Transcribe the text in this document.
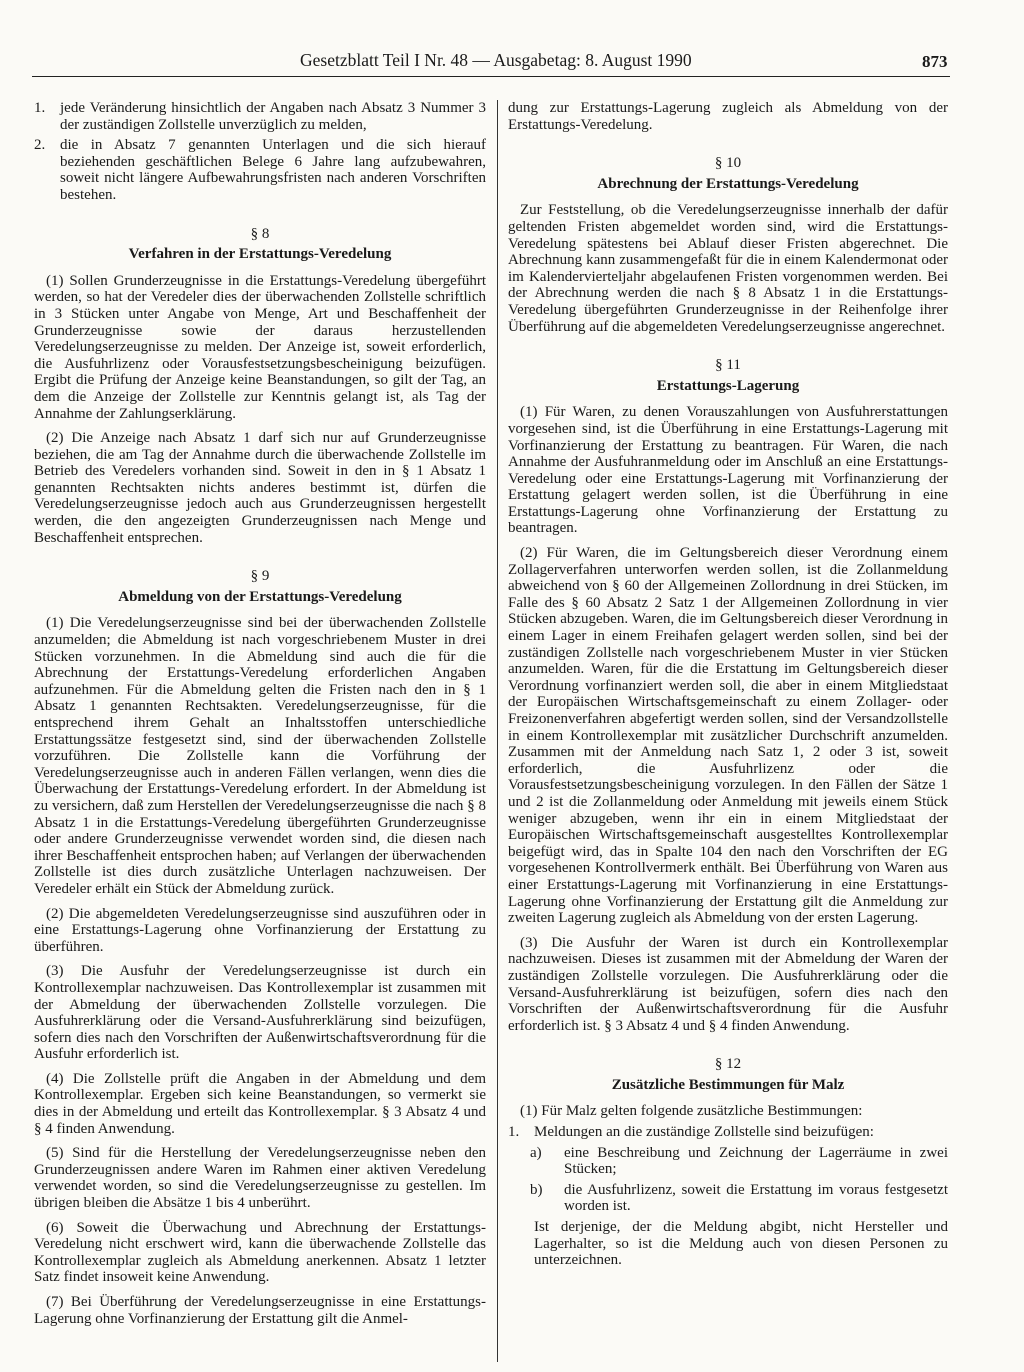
Gesetzblatt Teil I Nr. 48 — Ausgabetag: 8. August 1990	873
1. jede Veränderung hinsichtlich der Angaben nach Absatz 3 Nummer 3 der zuständigen Zollstelle unverzüglich zu melden,
2. die in Absatz 7 genannten Unterlagen und die sich hierauf beziehenden geschäftlichen Belege 6 Jahre lang aufzubewahren, soweit nicht längere Aufbewahrungsfristen nach anderen Vorschriften bestehen.
§ 8
Verfahren in der Erstattungs-Veredelung

(1) Sollen Grunderzeugnisse in die Erstattungs-Veredelung übergeführt werden, so hat der Veredeler dies der überwachenden Zollstelle schriftlich in 3 Stücken unter Angabe von Menge, Art und Beschaffenheit der Grunderzeugnisse sowie der daraus herzustellenden Veredelungserzeugnisse zu melden. Der Anzeige ist, soweit erforderlich, die Ausfuhrlizenz oder Vorausfestsetzungsbescheinigung beizufügen. Ergibt die Prüfung der Anzeige keine Beanstandungen, so gilt der Tag, an dem die Anzeige der Zollstelle zur Kenntnis gelangt ist, als Tag der Annahme der Zahlungserklärung.

(2) Die Anzeige nach Absatz 1 darf sich nur auf Grunderzeugnisse beziehen, die am Tag der Annahme durch die überwachende Zollstelle im Betrieb des Veredelers vorhanden sind. Soweit in den in § 1 Absatz 1 genannten Rechtsakten nichts anderes bestimmt ist, dürfen die Veredelungserzeugnisse jedoch auch aus Grunderzeugnissen hergestellt werden, die den angezeigten Grunderzeugnissen nach Menge und Beschaffenheit entsprechen.

§ 9
Abmeldung von der Erstattungs-Veredelung

(1) Die Veredelungserzeugnisse sind bei der überwachenden Zollstelle anzumelden; die Abmeldung ist nach vorgeschriebenem Muster in drei Stücken vorzunehmen. In die Abmeldung sind auch die für die Abrechnung der Erstattungs-Veredelung erforderlichen Angaben aufzunehmen. Für die Abmeldung gelten die Fristen nach den in § 1 Absatz 1 genannten Rechtsakten. Veredelungserzeugnisse, für die entsprechend ihrem Gehalt an Inhaltsstoffen unterschiedliche Erstattungssätze festgesetzt sind, sind der überwachenden Zollstelle vorzuführen. Die Zollstelle kann die Vorführung der Veredelungserzeugnisse auch in anderen Fällen verlangen, wenn dies die Überwachung der Erstattungs-Veredelung erfordert. In der Abmeldung ist zu versichern, daß zum Herstellen der Veredelungserzeugnisse die nach § 8 Absatz 1 in die Erstattungs-Veredelung übergeführten Grunderzeugnisse oder andere Grunderzeugnisse verwendet worden sind, die diesen nach ihrer Beschaffenheit entsprochen haben; auf Verlangen der überwachenden Zollstelle ist dies durch zusätzliche Unterlagen nachzuweisen. Der Veredeler erhält ein Stück der Abmeldung zurück.

(2) Die abgemeldeten Veredelungserzeugnisse sind auszuführen oder in eine Erstattungs-Lagerung ohne Vorfinanzierung der Erstattung zu überführen.

(3) Die Ausfuhr der Veredelungserzeugnisse ist durch ein Kontrollexemplar nachzuweisen. Das Kontrollexemplar ist zusammen mit der Abmeldung der überwachenden Zollstelle vorzulegen. Die Ausfuhrerklärung oder die Versand-Ausfuhrerklärung sind beizufügen, sofern dies nach den Vorschriften der Außenwirtschaftsverordnung für die Ausfuhr erforderlich ist.

(4) Die Zollstelle prüft die Angaben in der Abmeldung und dem Kontrollexemplar. Ergeben sich keine Beanstandungen, so vermerkt sie dies in der Abmeldung und erteilt das Kontrollexemplar. § 3 Absatz 4 und § 4 finden Anwendung.

(5) Sind für die Herstellung der Veredelungserzeugnisse neben den Grunderzeugnissen andere Waren im Rahmen einer aktiven Veredelung verwendet worden, so sind die Veredelungserzeugnisse zu gestellen. Im übrigen bleiben die Absätze 1 bis 4 unberührt.

(6) Soweit die Überwachung und Abrechnung der Erstattungs-Veredelung nicht erschwert wird, kann die überwachende Zollstelle das Kontrollexemplar zugleich als Abmeldung anerkennen. Absatz 1 letzter Satz findet insoweit keine Anwendung.

(7) Bei Überführung der Veredelungserzeugnisse in eine Erstattungs-Lagerung ohne Vorfinanzierung der Erstattung gilt die Anmel-

dung zur Erstattungs-Lagerung zugleich als Abmeldung von der Erstattungs-Veredelung.

§ 10
Abrechnung der Erstattungs-Veredelung

Zur Feststellung, ob die Veredelungserzeugnisse innerhalb der dafür geltenden Fristen abgemeldet worden sind, wird die Erstattungs-Veredelung spätestens bei Ablauf dieser Fristen abgerechnet. Die Abrechnung kann zusammengefaßt für die in einem Kalendermonat oder im Kalendervierteljahr abgelaufenen Fristen vorgenommen werden. Bei der Abrechnung werden die nach § 8 Absatz 1 in die Erstattungs-Veredelung übergeführten Grunderzeugnisse in der Reihenfolge ihrer Überführung auf die abgemeldeten Veredelungserzeugnisse angerechnet.

§ 11
Erstattungs-Lagerung

(1) Für Waren, zu denen Vorauszahlungen von Ausfuhrerstattungen vorgesehen sind, ist die Überführung in eine Erstattungs-Lagerung mit Vorfinanzierung der Erstattung zu beantragen. Für Waren, die nach Annahme der Ausfuhranmeldung oder im Anschluß an eine Erstattungs-Veredelung oder eine Erstattungs-Lagerung mit Vorfinanzierung der Erstattung gelagert werden sollen, ist die Überführung in eine Erstattungs-Lagerung ohne Vorfinanzierung der Erstattung zu beantragen.

(2) Für Waren, die im Geltungsbereich dieser Verordnung einem Zollagerverfahren unterworfen werden sollen, ist die Zollanmeldung abweichend von § 60 der Allgemeinen Zollordnung in drei Stücken, im Falle des § 60 Absatz 2 Satz 1 der Allgemeinen Zollordnung in vier Stücken abzugeben. Waren, die im Geltungsbereich dieser Verordnung in einem Lager in einem Freihafen gelagert werden sollen, sind bei der zuständigen Zollstelle nach vorgeschriebenem Muster in vier Stücken anzumelden. Waren, für die die Erstattung im Geltungsbereich dieser Verordnung vorfinanziert werden soll, die aber in einem Mitgliedstaat der Europäischen Wirtschaftsgemeinschaft zu einem Zollager- oder Freizonenverfahren abgefertigt werden sollen, sind der Versandzollstelle in einem Kontrollexemplar mit zusätzlicher Durchschrift anzumelden. Zusammen mit der Anmeldung nach Satz 1, 2 oder 3 ist, soweit erforderlich, die Ausfuhrlizenz oder die Vorausfestsetzungsbescheinigung vorzulegen. In den Fällen der Sätze 1 und 2 ist die Zollanmeldung oder Anmeldung mit jeweils einem Stück weniger abzugeben, wenn ihr ein in einem Mitgliedstaat der Europäischen Wirtschaftsgemeinschaft ausgestelltes Kontrollexemplar beigefügt wird, das in Spalte 104 den nach den Vorschriften der EG vorgesehenen Kontrollvermerk enthält. Bei Überführung von Waren aus einer Erstattungs-Lagerung mit Vorfinanzierung in eine Erstattungs-Lagerung ohne Vorfinanzierung der Erstattung gilt die Anmeldung zur zweiten Lagerung zugleich als Abmeldung von der ersten Lagerung.

(3) Die Ausfuhr der Waren ist durch ein Kontrollexemplar nachzuweisen. Dieses ist zusammen mit der Abmeldung der Waren der zuständigen Zollstelle vorzulegen. Die Ausfuhrerklärung oder die Versand-Ausfuhrerklärung ist beizufügen, sofern dies nach den Vorschriften der Außenwirtschaftsverordnung für die Ausfuhr erforderlich ist. § 3 Absatz 4 und § 4 finden Anwendung.

§ 12
Zusätzliche Bestimmungen für Malz

(1) Für Malz gelten folgende zusätzliche Bestimmungen:

1. Meldungen an die zuständige Zollstelle sind beizufügen:
a)	eine Beschreibung und Zeichnung der Lagerräume in zwei Stücken;
b)	die Ausfuhrlizenz, soweit die Erstattung im voraus festgesetzt worden ist.

Ist derjenige, der die Meldung abgibt, nicht Hersteller und Lagerhalter, so ist die Meldung auch von diesen Personen zu unterzeichnen.
